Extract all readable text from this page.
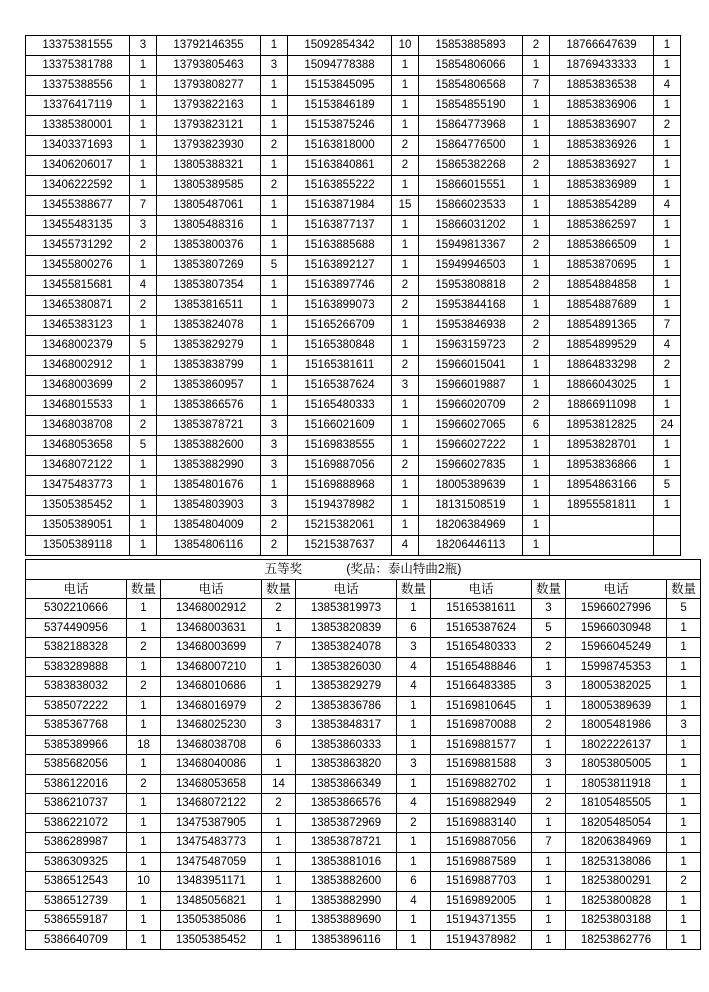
13375381555	3	13792146355	1	15092854342	10	15853885893	2	18766647639	1
13375381788	1	13793805463	3	15094778388	1	15854806066	1	18769433333	1
13375388556	1	13793808277	1	15153845095	1	15854806568	7	18853836538	4
13376417119	1	13793822163	1	15153846189	1	15854855190	1	18853836906	1
13385380001	1	13793823121	1	15153875246	1	15864773968	1	18853836907	2
13403371693	1	13793823930	2	15163818000	2	15864776500	1	18853836926	1
13406206017	1	13805388321	1	15163840861	2	15865382268	2	18853836927	1
13406222592	1	13805389585	2	15163855222	1	15866015551	1	18853836989	1
13455388677	7	13805487061	1	15163871984	15	15866023533	1	18853854289	4
13455483135	3	13805488316	1	15163877137	1	15866031202	1	18853862597	1
13455731292	2	13853800376	1	15163885688	1	15949813367	2	18853866509	1
13455800276	1	13853807269	5	15163892127	1	15949946503	1	18853870695	1
13455815681	4	13853807354	1	15163897746	2	15953808818	2	18854884858	1
13465380871	2	13853816511	1	15163899073	2	15953844168	1	18854887689	1
13465383123	1	13853824078	1	15165266709	1	15953846938	2	18854891365	7
13468002379	5	13853829279	1	15165380848	1	15963159723	2	18854899529	4
13468002912	1	13853838799	1	15165381611	2	15966015041	1	18864833298	2
13468003699	2	13853860957	1	15165387624	3	15966019887	1	18866043025	1
13468015533	1	13853866576	1	15165480333	1	15966020709	2	18866911098	1
13468038708	2	13853878721	3	15166021609	1	15966027065	6	18953812825	24
13468053658	5	13853882600	3	15169838555	1	15966027222	1	18953828701	1
13468072122	1	13853882990	3	15169887056	2	15966027835	1	18953836866	1
13475483773	1	13854801676	1	15169888968	1	18005389639	1	18954863166	5
13505385452	1	13854803903	3	15194378982	1	18131508519	1	18955581811	1
13505389051	1	13854804009	2	15215382061	1	18206384969	1		
13505389118	1	13854806116	2	15215387637	4	18206446113	1		
五等奖 (奖品：泰山特曲2瓶)									
电话	数量	电话	数量	电话	数量	电话	数量	电话	数量
5302210666	1	13468002912	2	13853819973	1	15165381611	3	15966027996	5
5374490956	1	13468003631	1	13853820839	6	15165387624	5	15966030948	1
5382188328	2	13468003699	7	13853824078	3	15165480333	2	15966045249	1
5383289888	1	13468007210	1	13853826030	4	15165488846	1	15998745353	1
5383838032	2	13468010686	1	13853829279	4	15166483385	3	18005382025	1
5385072222	1	13468016979	2	13853836786	1	15169810645	1	18005389639	1
5385367768	1	13468025230	3	13853848317	1	15169870088	2	18005481986	3
5385389966	18	13468038708	6	13853860333	1	15169881577	1	18022226137	1
5385682056	1	13468040086	1	13853863820	3	15169881588	3	18053805005	1
5386122016	2	13468053658	14	13853866349	1	15169882702	1	18053811918	1
5386210737	1	13468072122	2	13853866576	4	15169882949	2	18105485505	1
5386221072	1	13475387905	1	13853872969	2	15169883140	1	18205485054	1
5386289987	1	13475483773	1	13853878721	1	15169887056	7	18206384969	1
5386309325	1	13475487059	1	13853881016	1	15169887589	1	18253138086	1
5386512543	10	13483951171	1	13853882600	6	15169887703	1	18253800291	2
5386512739	1	13485056821	1	13853882990	4	15169892005	1	18253800828	1
5386559187	1	13505385086	1	13853889690	1	15194371355	1	18253803188	1
5386640709	1	13505385452	1	13853896116	1	15194378982	1	18253862776	1
